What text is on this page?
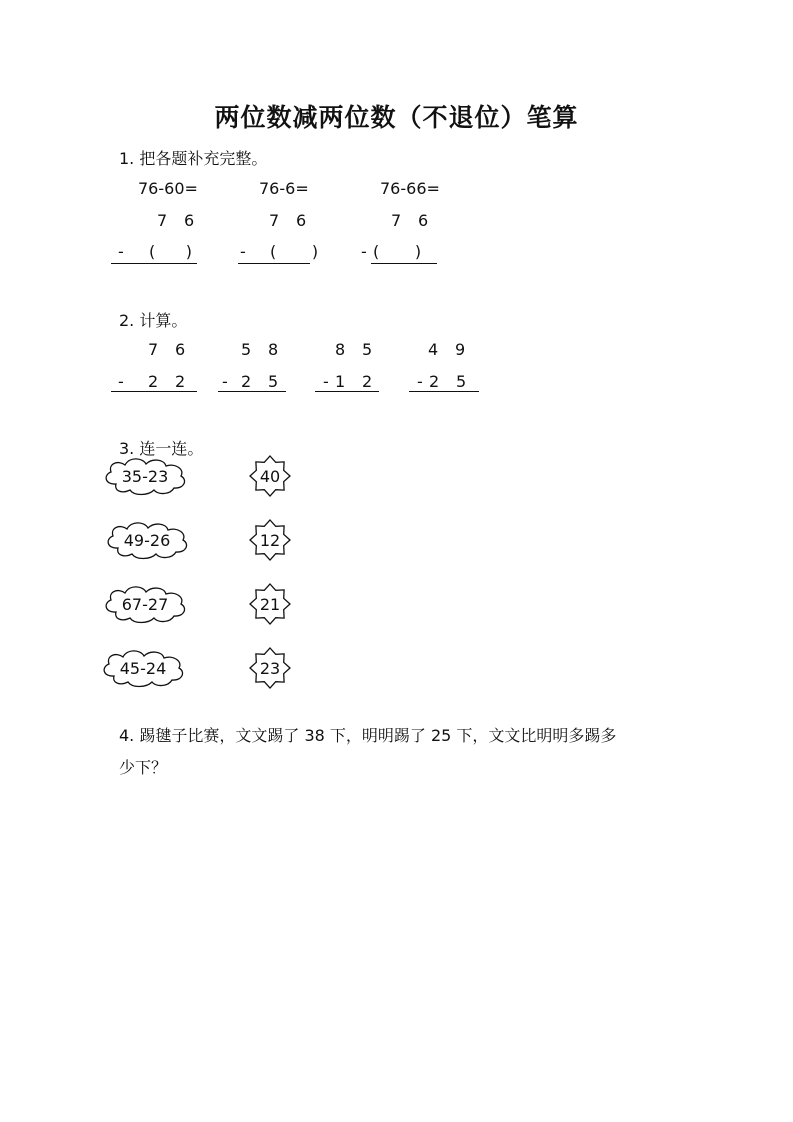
两位数减两位数（不退位）笔算
1. 把各题补充完整。
76-60=
7 6
- (      )
76-6=
7 6
- (       )
76-66=
7 6
- (       )
2. 计算。
7 6
- 2 2
5 8
- 2 5
8 5
- 1 2
4 9
- 2 5
3. 连一连。
35-23
49-26
67-27
45-24
40
12
21
23
4. 踢毽子比赛，文文踢了 38 下，明明踢了 25 下，文文比明明多踢多
少下？
